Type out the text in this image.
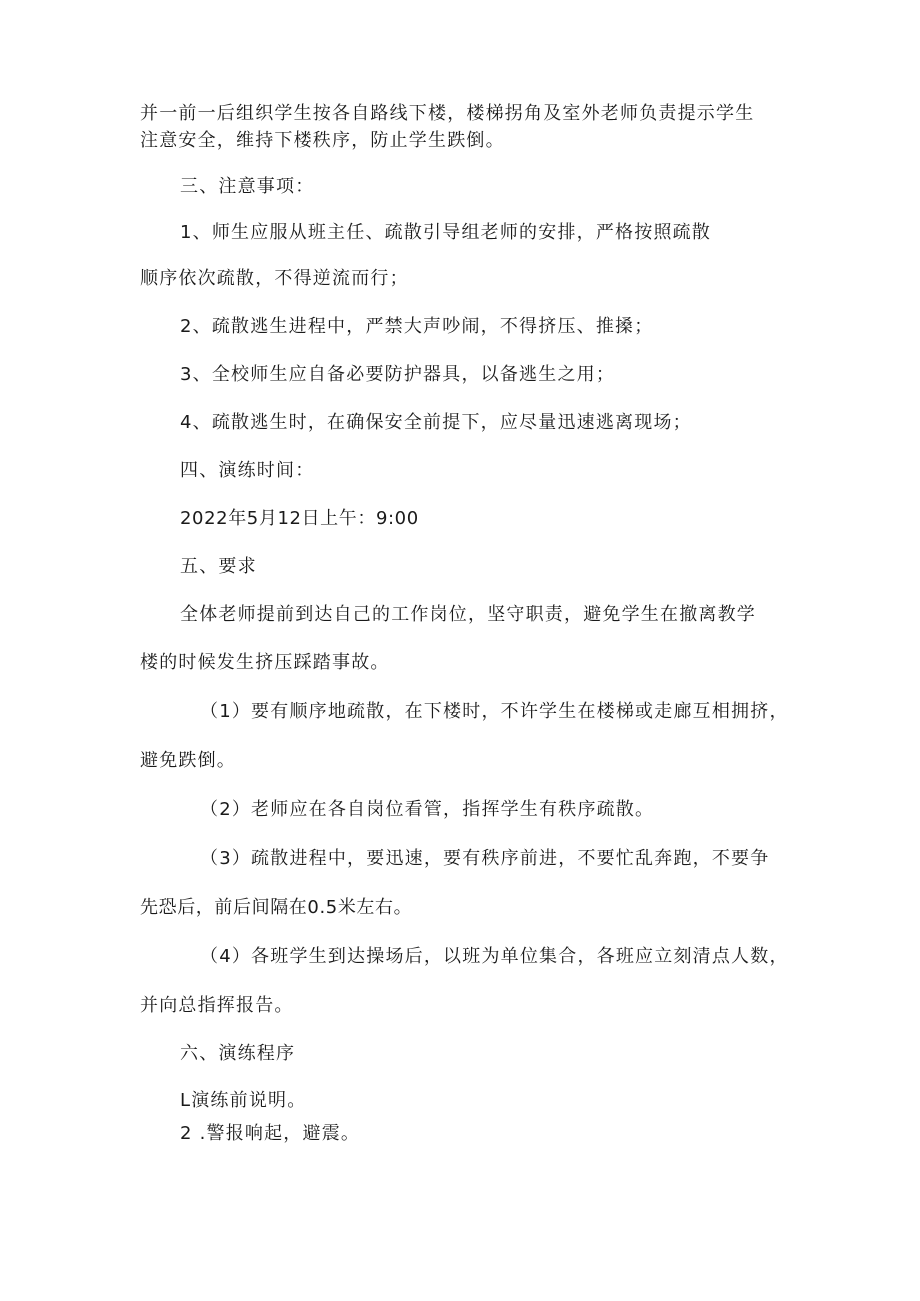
并一前一后组织学生按各自路线下楼，楼梯拐角及室外老师负责提示学生
注意安全，维持下楼秩序，防止学生跌倒。
三、注意事项：
1、师生应服从班主任、疏散引导组老师的安排，严格按照疏散
顺序依次疏散，不得逆流而行；
2、疏散逃生进程中，严禁大声吵闹，不得挤压、推搡；
3、全校师生应自备必要防护器具，以备逃生之用；
4、疏散逃生时，在确保安全前提下，应尽量迅速逃离现场；
四、演练时间：
2022年5月12日上午：9:00
五、要求
全体老师提前到达自己的工作岗位，坚守职责，避免学生在撤离教学
楼的时候发生挤压踩踏事故。
（1）要有顺序地疏散，在下楼时，不许学生在楼梯或走廊互相拥挤，
避免跌倒。
（2）老师应在各自岗位看管，指挥学生有秩序疏散。
（3）疏散进程中，要迅速，要有秩序前进，不要忙乱奔跑，不要争
先恐后，前后间隔在0.5米左右。
（4）各班学生到达操场后，以班为单位集合，各班应立刻清点人数，
并向总指挥报告。
六、演练程序
L演练前说明。
2 .警报响起，避震。
